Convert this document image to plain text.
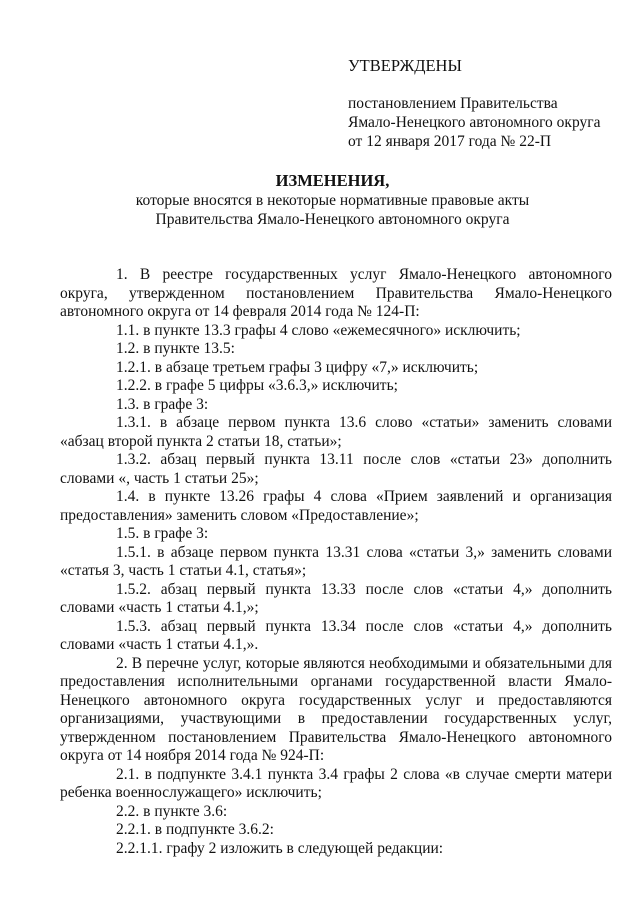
УТВЕРЖДЕНЫ
постановлением Правительства
Ямало-Ненецкого автономного округа
от 12 января 2017 года № 22-П
ИЗМЕНЕНИЯ,
которые вносятся в некоторые нормативные правовые акты
Правительства Ямало-Ненецкого автономного округа

1. В реестре государственных услуг Ямало-Ненецкого автономного округа, утвержденном постановлением Правительства Ямало-Ненецкого автономного округа от 14 февраля 2014 года № 124-П:

1.1. в пункте 13.3 графы 4 слово «ежемесячного» исключить;

1.2. в пункте 13.5:

1.2.1. в абзаце третьем графы 3 цифру «7,» исключить;

1.2.2. в графе 5 цифры «3.6.3,» исключить;

1.3. в графе 3:

1.3.1. в абзаце первом пункта 13.6 слово «статьи» заменить словами «абзац второй пункта 2 статьи 18, статьи»;

1.3.2. абзац первый пункта 13.11 после слов «статьи 23» дополнить словами «, часть 1 статьи 25»;

1.4. в пункте 13.26 графы 4 слова «Прием заявлений и организация предоставления» заменить словом «Предоставление»;

1.5. в графе 3:

1.5.1. в абзаце первом пункта 13.31 слова «статьи 3,» заменить словами «статья 3, часть 1 статьи 4.1, статья»;

1.5.2. абзац первый пункта 13.33 после слов «статьи 4,» дополнить словами «часть 1 статьи 4.1,»;

1.5.3. абзац первый пункта 13.34 после слов «статьи 4,» дополнить словами «часть 1 статьи 4.1,».

2. В перечне услуг, которые являются необходимыми и обязательными для предоставления исполнительными органами государственной власти Ямало-Ненецкого автономного округа государственных услуг и предоставляются организациями, участвующими в предоставлении государственных услуг, утвержденном постановлением Правительства Ямало-Ненецкого автономного округа от 14 ноября 2014 года № 924-П:

2.1. в подпункте 3.4.1 пункта 3.4 графы 2 слова «в случае смерти матери ребенка военнослужащего» исключить;

2.2. в пункте 3.6:

2.2.1. в подпункте 3.6.2:

2.2.1.1. графу 2 изложить в следующей редакции:
